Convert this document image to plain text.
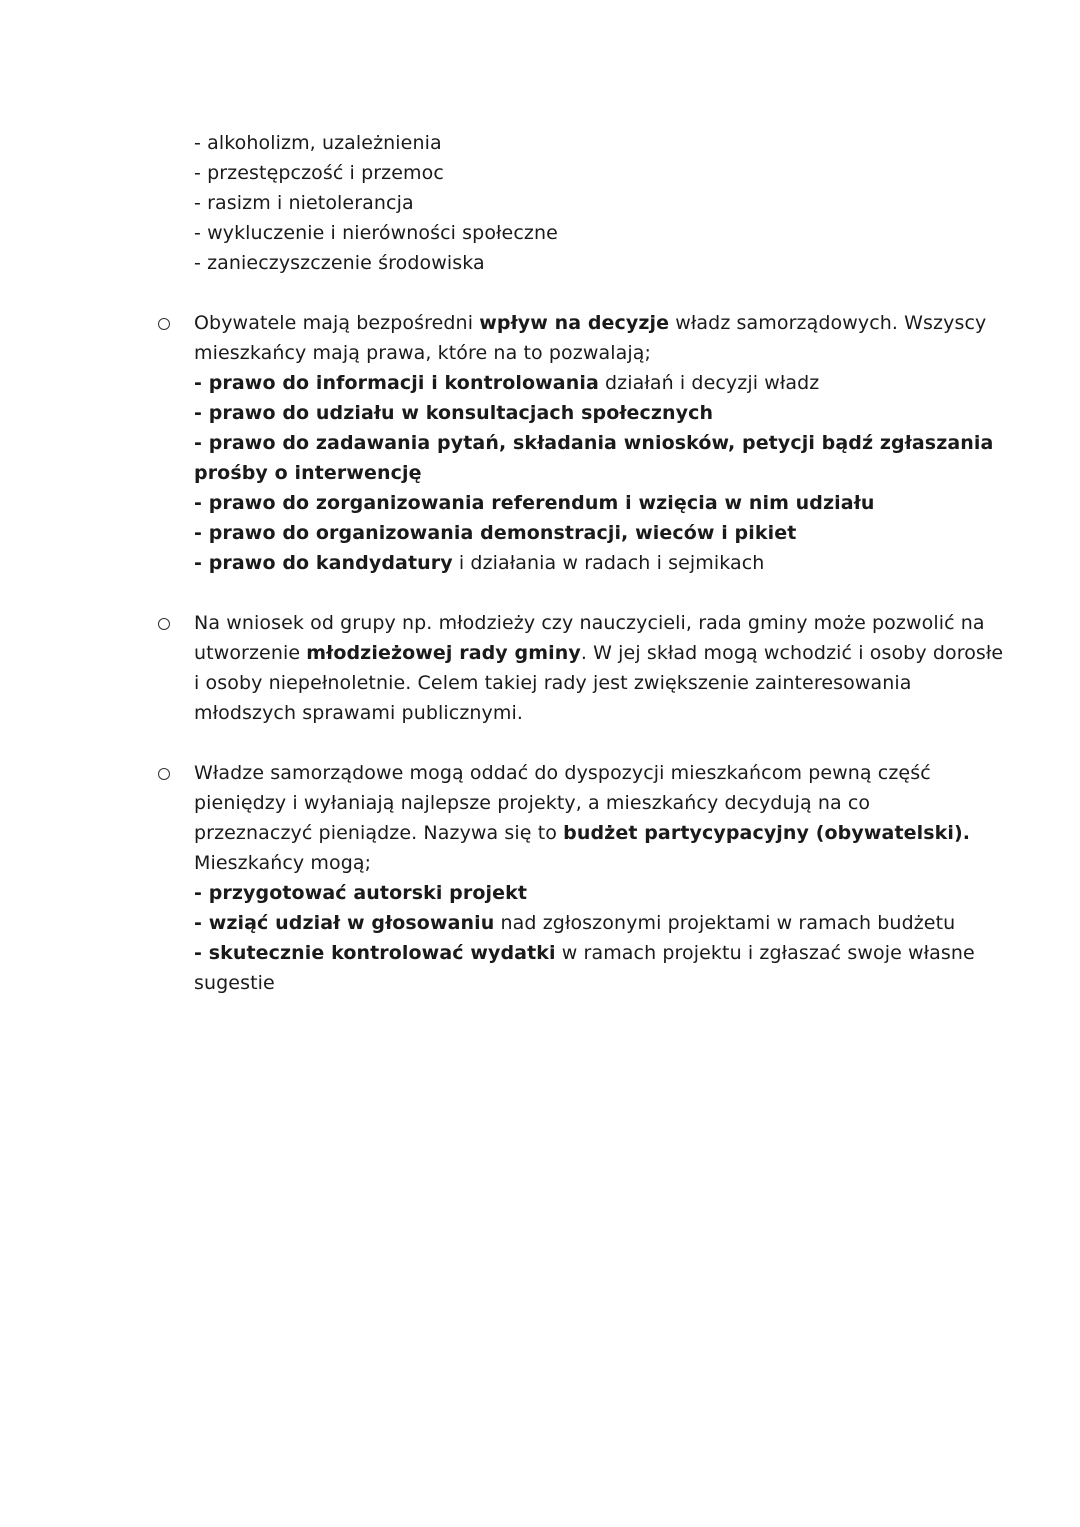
- alkoholizm, uzależnienia
- przestępczość i przemoc
- rasizm i nietolerancja
- wykluczenie i nierówności społeczne
- zanieczyszczenie środowiska
Obywatele mają bezpośredni wpływ na decyzje władz samorządowych. Wszyscy
mieszkańcy mają prawa, które na to pozwalają;
- prawo do informacji i kontrolowania działań i decyzji władz
- prawo do udziału w konsultacjach społecznych
- prawo do zadawania pytań, składania wniosków, petycji bądź zgłaszania
prośby o interwencję
- prawo do zorganizowania referendum i wzięcia w nim udziału
- prawo do organizowania demonstracji, wieców i pikiet
- prawo do kandydatury i działania w radach i sejmikach
Na wniosek od grupy np. młodzieży czy nauczycieli, rada gminy może pozwolić na
utworzenie młodzieżowej rady gminy. W jej skład mogą wchodzić i osoby dorosłe
i osoby niepełnoletnie. Celem takiej rady jest zwiększenie zainteresowania
młodszych sprawami publicznymi.
Władze samorządowe mogą oddać do dyspozycji mieszkańcom pewną część
pieniędzy i wyłaniają najlepsze projekty, a mieszkańcy decydują na co
przeznaczyć pieniądze. Nazywa się to budżet partycypacyjny (obywatelski).
Mieszkańcy mogą;
- przygotować autorski projekt
- wziąć udział w głosowaniu nad zgłoszonymi projektami w ramach budżetu
- skutecznie kontrolować wydatki w ramach projektu i zgłaszać swoje własne
sugestie
